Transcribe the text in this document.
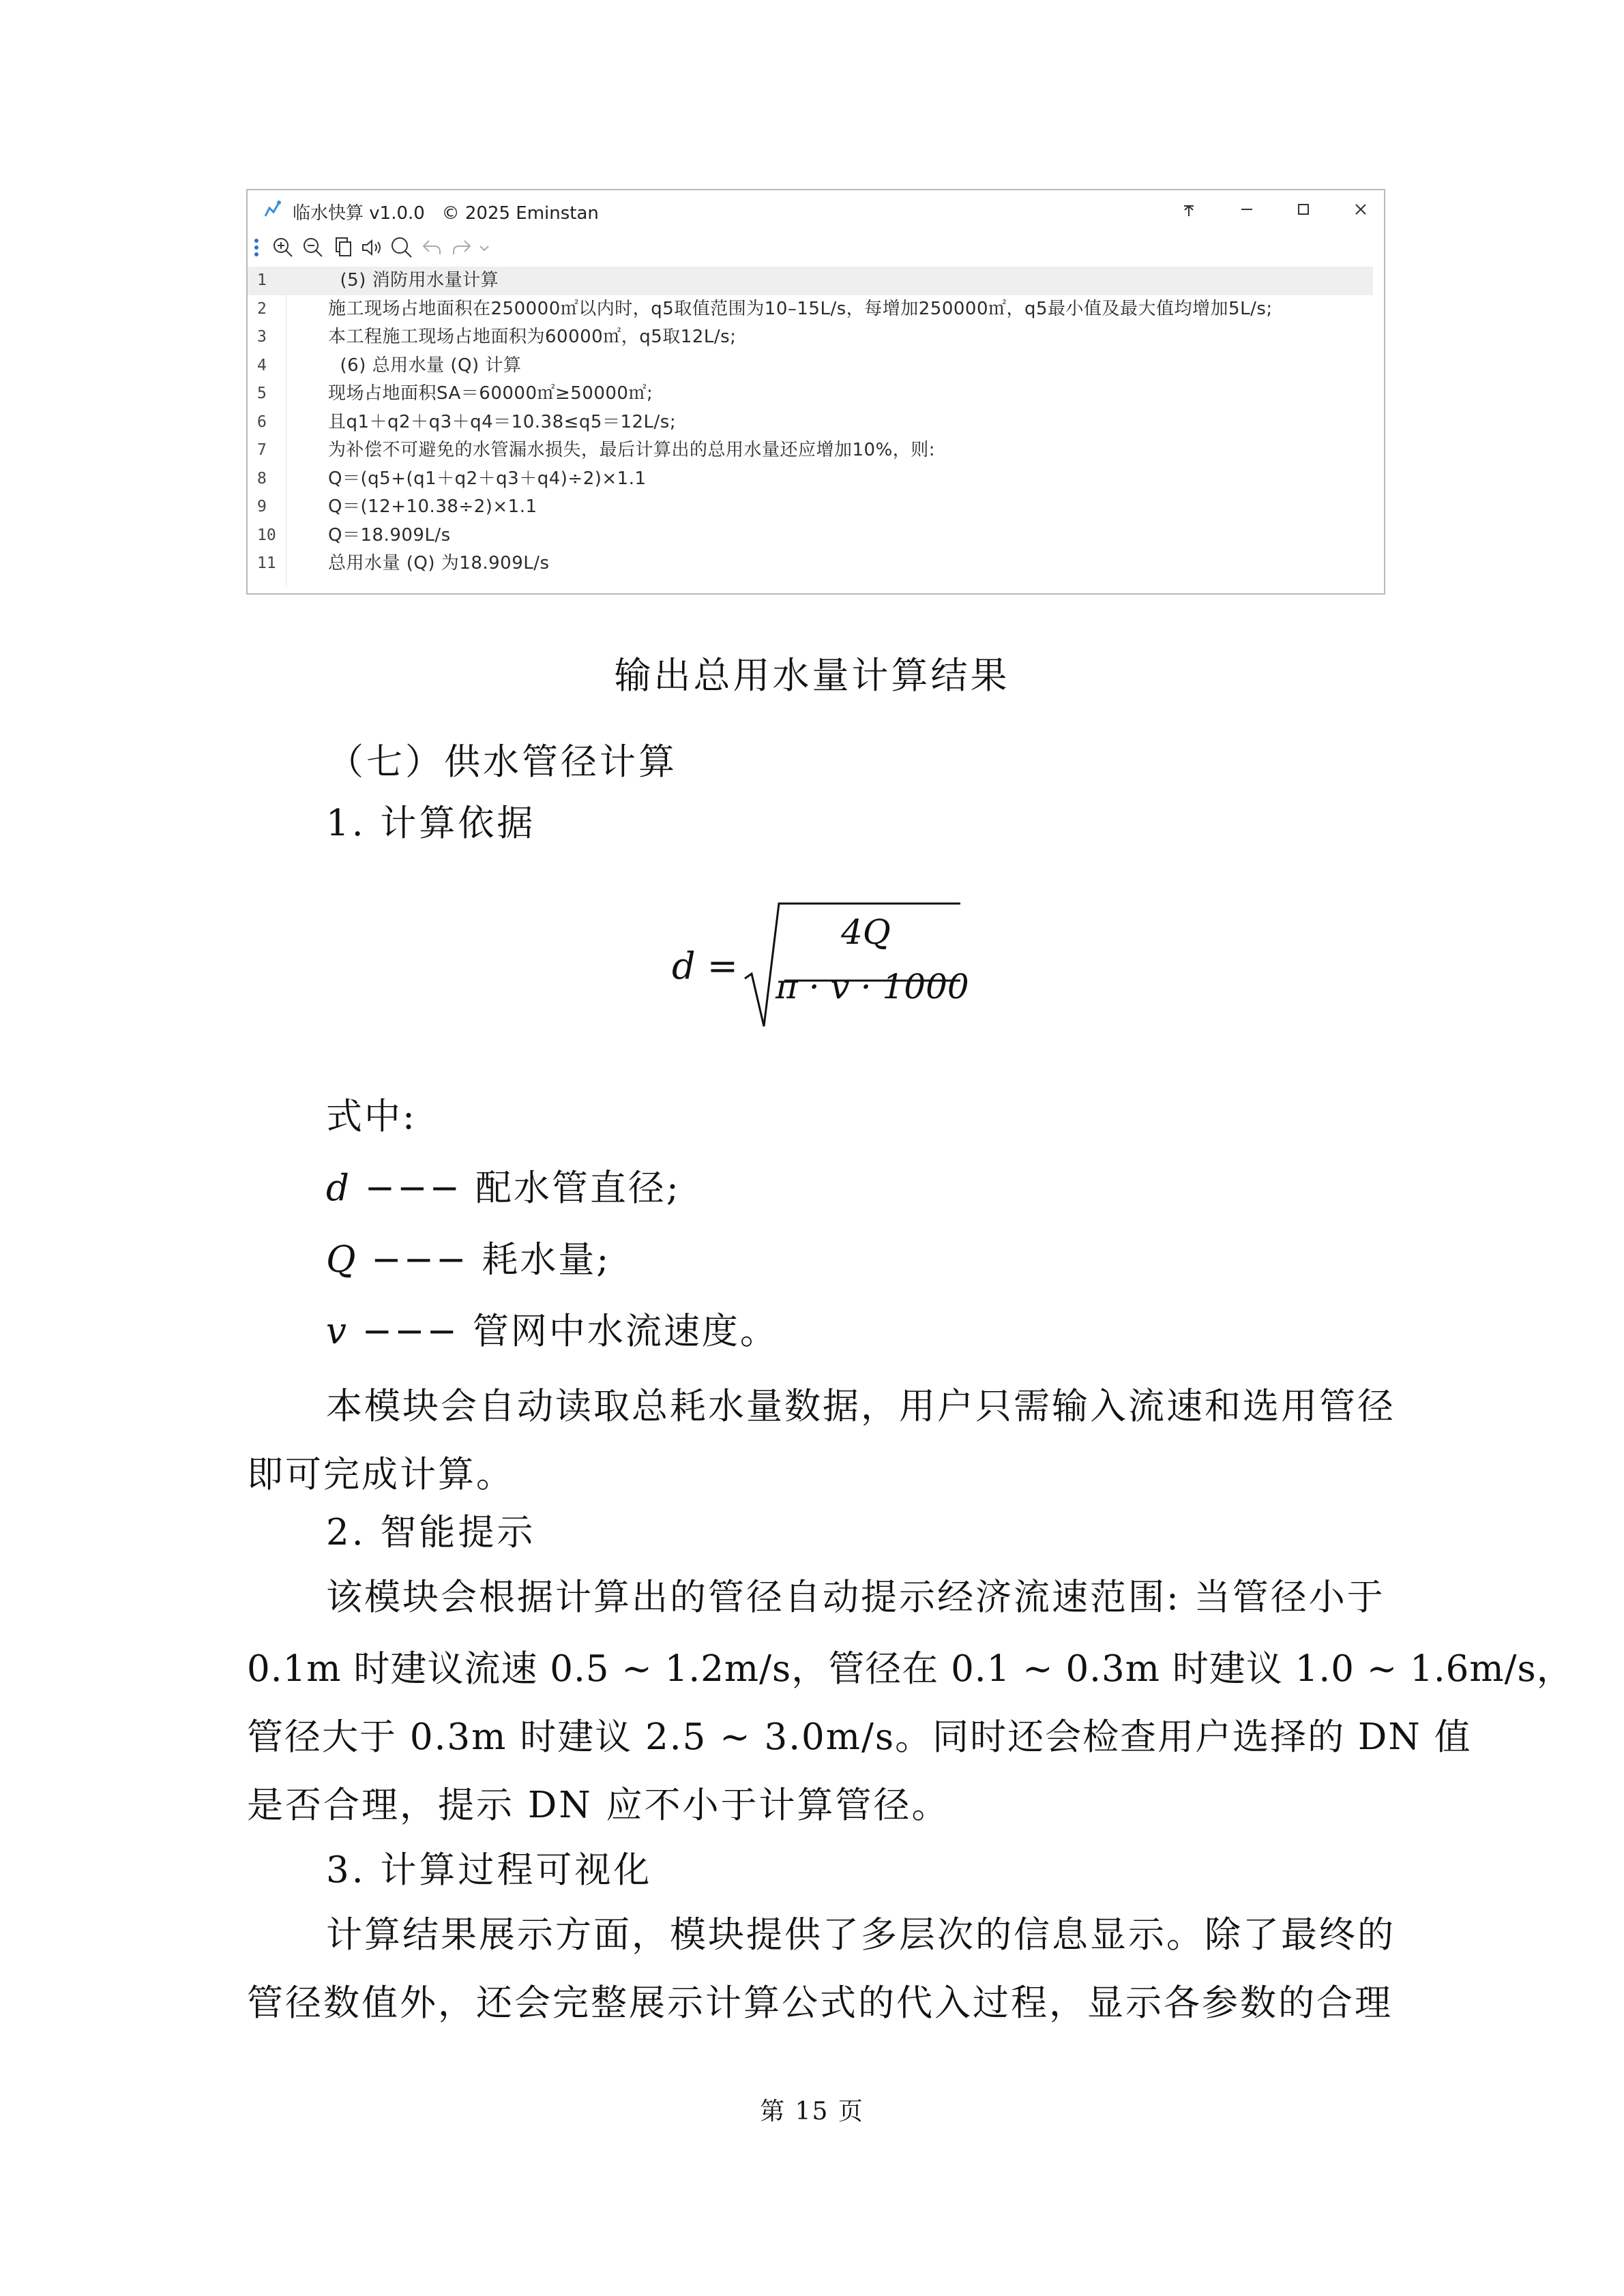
临水快算 v1.0.0   © 2025 Eminstan
1	(5) 消防用水量计算
2	施工现场占地面积在250000㎡以内时，q5取值范围为10–15L/s，每增加250000㎡，q5最小值及最大值均增加5L/s;
3	本工程施工现场占地面积为60000㎡，q5取12L/s;
4	(6) 总用水量 (Q) 计算
5	现场占地面积SA＝60000㎡≥50000㎡;
6	且q1＋q2＋q3＋q4＝10.38≤q5＝12L/s;
7	为补偿不可避免的水管漏水损失，最后计算出的总用水量还应增加10%，则:
8	Q＝(q5+(q1＋q2＋q3＋q4)÷2)×1.1
9	Q＝(12+10.38÷2)×1.1
10	Q＝18.909L/s
11	总用水量 (Q) 为18.909L/s
输出总用水量计算结果
（七）供水管径计算
1. 计算依据
d =
4Q
π · v · 1000
式中:
d −−− 配水管直径;
Q −−− 耗水量;
v −−− 管网中水流速度。
本模块会自动读取总耗水量数据，用户只需输入流速和选用管径
即可完成计算。
2. 智能提示
该模块会根据计算出的管径自动提示经济流速范围: 当管径小于
0.1m 时建议流速 0.5 ~ 1.2m/s，管径在 0.1 ~ 0.3m 时建议 1.0 ~ 1.6m/s，
管径大于 0.3m 时建议 2.5 ~ 3.0m/s。同时还会检查用户选择的 DN 值
是否合理，提示 DN 应不小于计算管径。
3. 计算过程可视化
计算结果展示方面，模块提供了多层次的信息显示。除了最终的
管径数值外，还会完整展示计算公式的代入过程，显示各参数的合理
第 15 页
